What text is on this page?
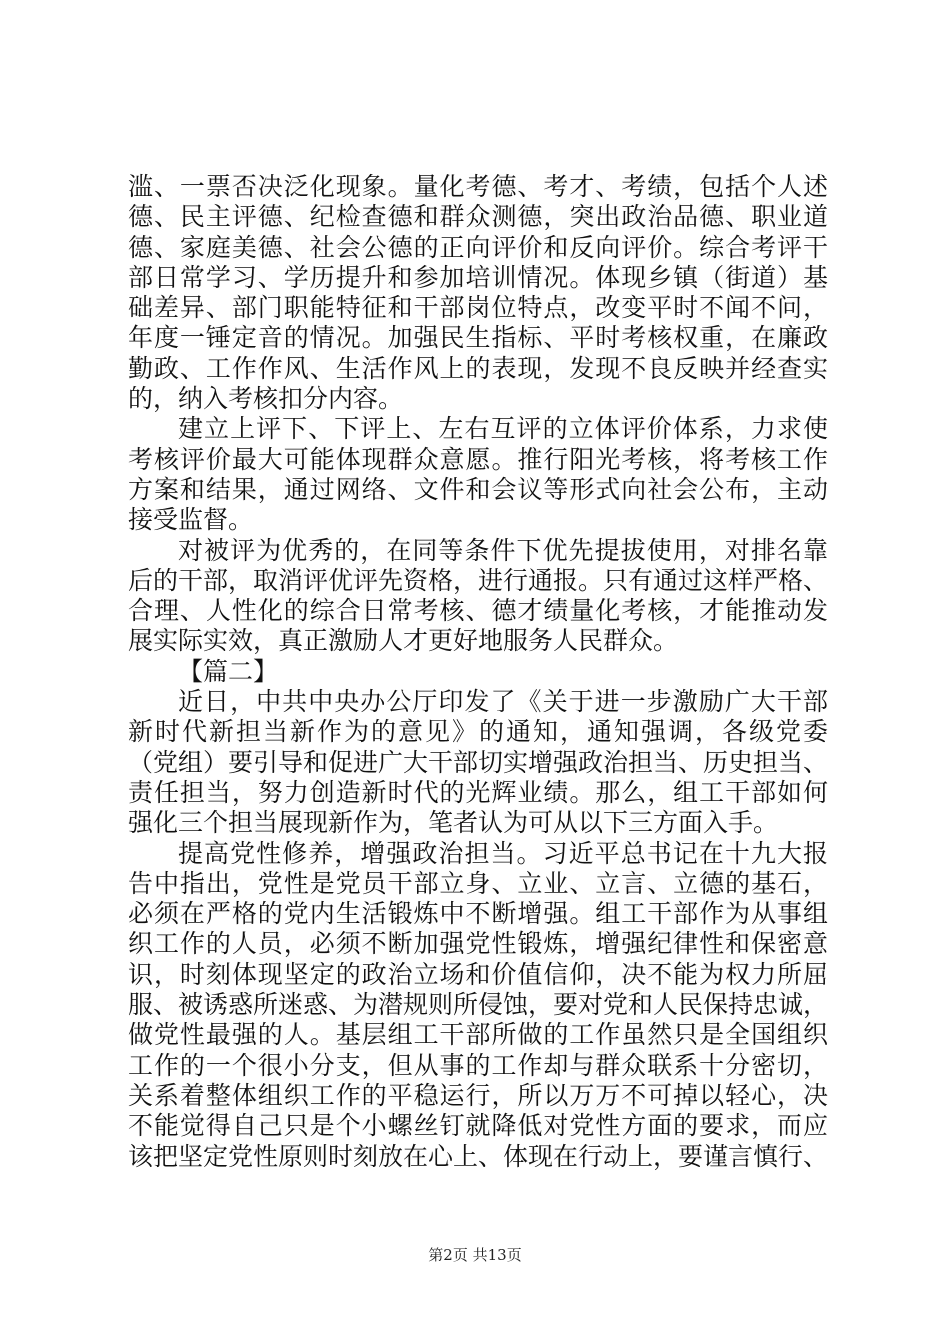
滥、一票否决泛化现象。量化考德、考才、考绩，包括个人述
德、民主评德、纪检查德和群众测德，突出政治品德、职业道
德、家庭美德、社会公德的正向评价和反向评价。综合考评干
部日常学习、学历提升和参加培训情况。体现乡镇（街道）基
础差异、部门职能特征和干部岗位特点，改变平时不闻不问，
年度一锤定音的情况。加强民生指标、平时考核权重，在廉政
勤政、工作作风、生活作风上的表现，发现不良反映并经查实
的，纳入考核扣分内容。
建立上评下、下评上、左右互评的立体评价体系，力求使
考核评价最大可能体现群众意愿。推行阳光考核，将考核工作
方案和结果，通过网络、文件和会议等形式向社会公布，主动
接受监督。
对被评为优秀的，在同等条件下优先提拔使用，对排名靠
后的干部，取消评优评先资格，进行通报。只有通过这样严格、
合理、人性化的综合日常考核、德才绩量化考核，才能推动发
展实际实效，真正激励人才更好地服务人民群众。
【篇二】
近日，中共中央办公厅印发了《关于进一步激励广大干部
新时代新担当新作为的意见》的通知，通知强调，各级党委
（党组）要引导和促进广大干部切实增强政治担当、历史担当、
责任担当，努力创造新时代的光辉业绩。那么，组工干部如何
强化三个担当展现新作为，笔者认为可从以下三方面入手。
提高党性修养，增强政治担当。习近平总书记在十九大报
告中指出，党性是党员干部立身、立业、立言、立德的基石，
必须在严格的党内生活锻炼中不断增强。组工干部作为从事组
织工作的人员，必须不断加强党性锻炼，增强纪律性和保密意
识，时刻体现坚定的政治立场和价值信仰，决不能为权力所屈
服、被诱惑所迷惑、为潜规则所侵蚀，要对党和人民保持忠诚，
做党性最强的人。基层组工干部所做的工作虽然只是全国组织
工作的一个很小分支，但从事的工作却与群众联系十分密切，
关系着整体组织工作的平稳运行，所以万万不可掉以轻心，决
不能觉得自己只是个小螺丝钉就降低对党性方面的要求，而应
该把坚定党性原则时刻放在心上、体现在行动上，要谨言慎行、
第2页 共13页
